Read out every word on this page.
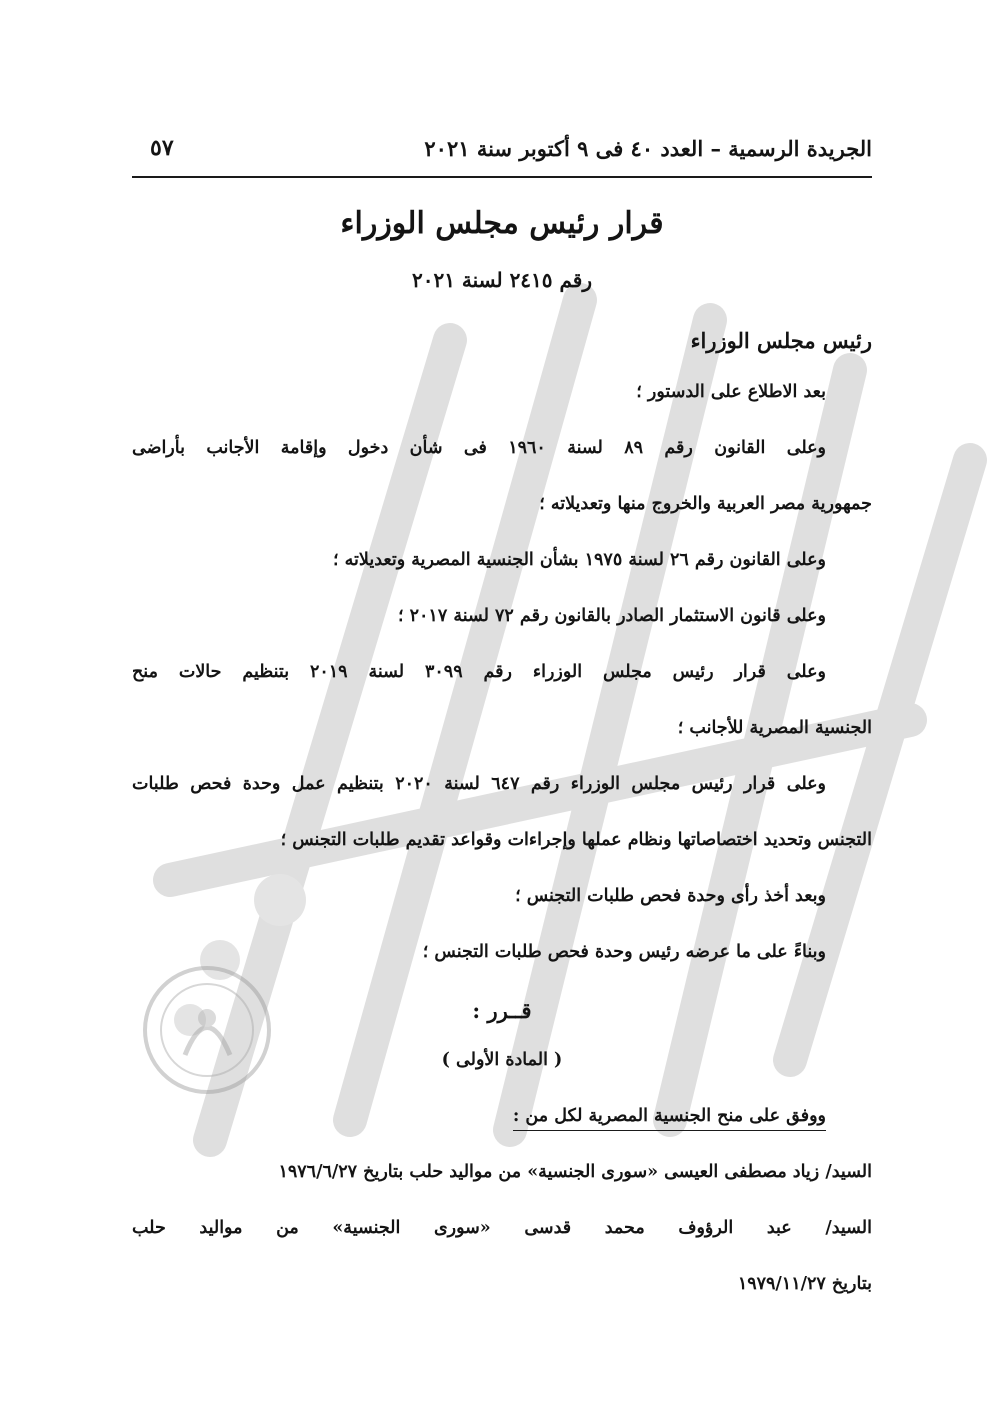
الجريدة الرسمية – العدد ٤٠ فى ٩ أكتوبر سنة ٢٠٢١
٥٧
قرار رئيس مجلس الوزراء
رقم ٢٤١٥ لسنة ٢٠٢١
رئيس مجلس الوزراء
بعد الاطلاع على الدستور ؛
وعلى القانون رقم ٨٩ لسنة ١٩٦٠ فى شأن دخول وإقامة الأجانب بأراضى
جمهورية مصر العربية والخروج منها وتعديلاته ؛
وعلى القانون رقم ٢٦ لسنة ١٩٧٥ بشأن الجنسية المصرية وتعديلاته ؛
وعلى قانون الاستثمار الصادر بالقانون رقم ٧٢ لسنة ٢٠١٧ ؛
وعلى قرار رئيس مجلس الوزراء رقم ٣٠٩٩ لسنة ٢٠١٩ بتنظيم حالات منح
الجنسية المصرية للأجانب ؛
وعلى قرار رئيس مجلس الوزراء رقم ٦٤٧ لسنة ٢٠٢٠ بتنظيم عمل وحدة فحص طلبات
التجنس وتحديد اختصاصاتها ونظام عملها وإجراءات وقواعد تقديم طلبات التجنس ؛
وبعد أخذ رأى وحدة فحص طلبات التجنس ؛
وبناءً على ما عرضه رئيس وحدة فحص طلبات التجنس ؛
قــرر :
( المادة الأولى )
ووفق على منح الجنسية المصرية لكل من :
السيد/ زياد مصطفى العيسى «سورى الجنسية» من مواليد حلب بتاريخ ١٩٧٦/٦/٢٧
السيد/ عبد الرؤوف محمد قدسى «سورى الجنسية» من مواليد حلب
بتاريخ ١٩٧٩/١١/٢٧
